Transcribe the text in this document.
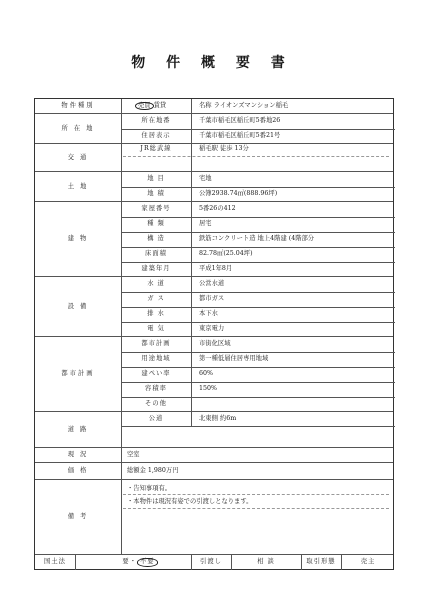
物 件 概 要 書
物件種別	売買 賃貸	名称 ライオンズマンション稲毛
所 在 地
所在地番	千葉市稲毛区稲丘町5番地26
住居表示	千葉市稲毛区稲丘町5番21号
交 通
JR総武線	稲毛駅 徒歩 13分
土 地
地 目	宅地
地 積	公簿2938.74㎡(888.96坪)
建 物
家屋番号	5番26の412
種 類	居宅
構 造	鉄筋コンクリート造 地上4階建 (4階部分
床面積	82.78㎡(25.04坪)
建築年月	平成1年8月
設 備
水 道	公営水道
ガ ス	都市ガス
排 水	本下水
電 気	東京電力
都市計画
都市計画	市街化区域
用途地域	第一種低層住居専用地域
建ぺい率	60%
容積率	150%
その他
道 路
公道	北東側 約6m
現 況	空室
価 格	総額金 1,980万円
備 考
・告知事項有。
・本物件は現況有姿での引渡しとなります。
国土法	要・ 不要	引渡し	相 談	取引形態	売主
